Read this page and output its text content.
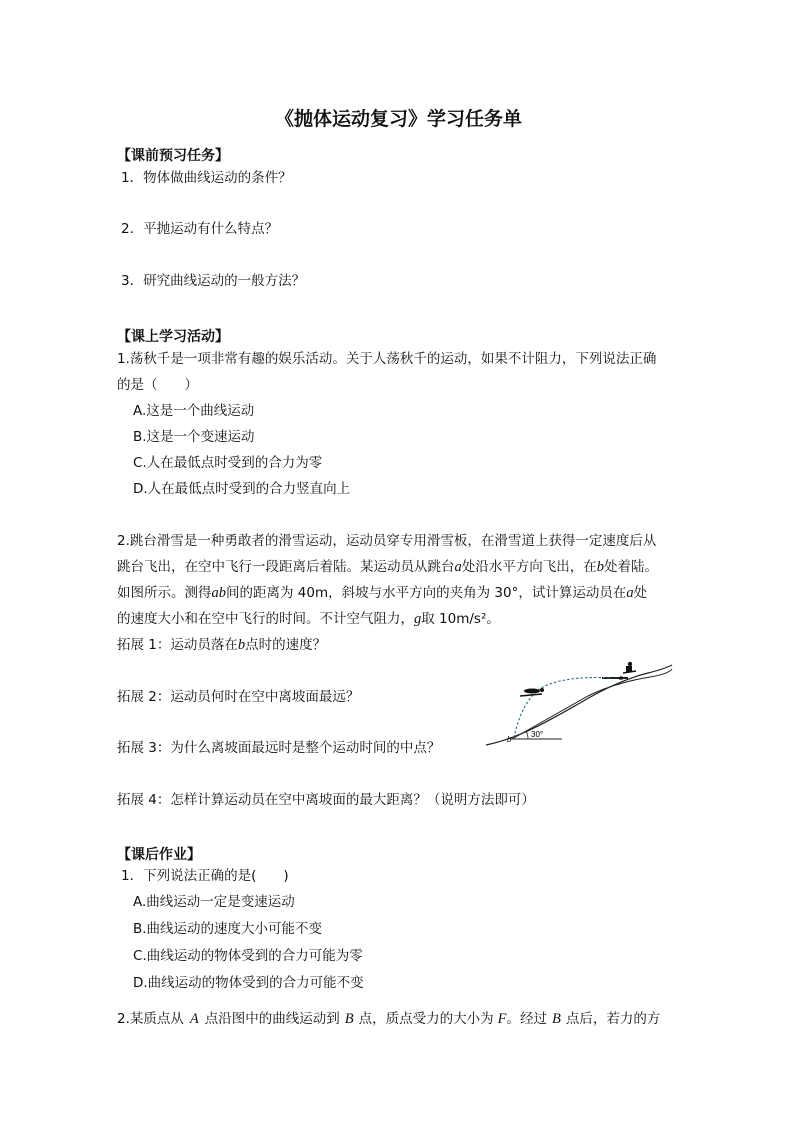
《抛体运动复习》学习任务单
【课前预习任务】
1．物体做曲线运动的条件？
2．平抛运动有什么特点？
3．研究曲线运动的一般方法？
【课上学习活动】
1.荡秋千是一项非常有趣的娱乐活动。关于人荡秋千的运动，如果不计阻力，下列说法正确
的是（　　）
A.这是一个曲线运动
B.这是一个变速运动
C.人在最低点时受到的合力为零
D.人在最低点时受到的合力竖直向上
2.跳台滑雪是一种勇敢者的滑雪运动，运动员穿专用滑雪板，在滑雪道上获得一定速度后从
跳台飞出，在空中飞行一段距离后着陆。某运动员从跳台a处沿水平方向飞出，在b处着陆。
如图所示。测得ab间的距离为 40m，斜坡与水平方向的夹角为 30°，试计算运动员在a处
的速度大小和在空中飞行的时间。不计空气阻力，g取 10m/s²。
拓展 1：运动员落在b点时的速度？
拓展 2：运动员何时在空中离坡面最远？
拓展 3：为什么离坡面最远时是整个运动时间的中点？
拓展 4：怎样计算运动员在空中离坡面的最大距离？（说明方法即可）
a
b
30°
【课后作业】
1．下列说法正确的是(　　)
A.曲线运动一定是变速运动
B.曲线运动的速度大小可能不变
C.曲线运动的物体受到的合力可能为零
D.曲线运动的物体受到的合力可能不变
2.某质点从 A 点沿图中的曲线运动到 B 点，质点受力的大小为 F。经过 B 点后，若力的方
